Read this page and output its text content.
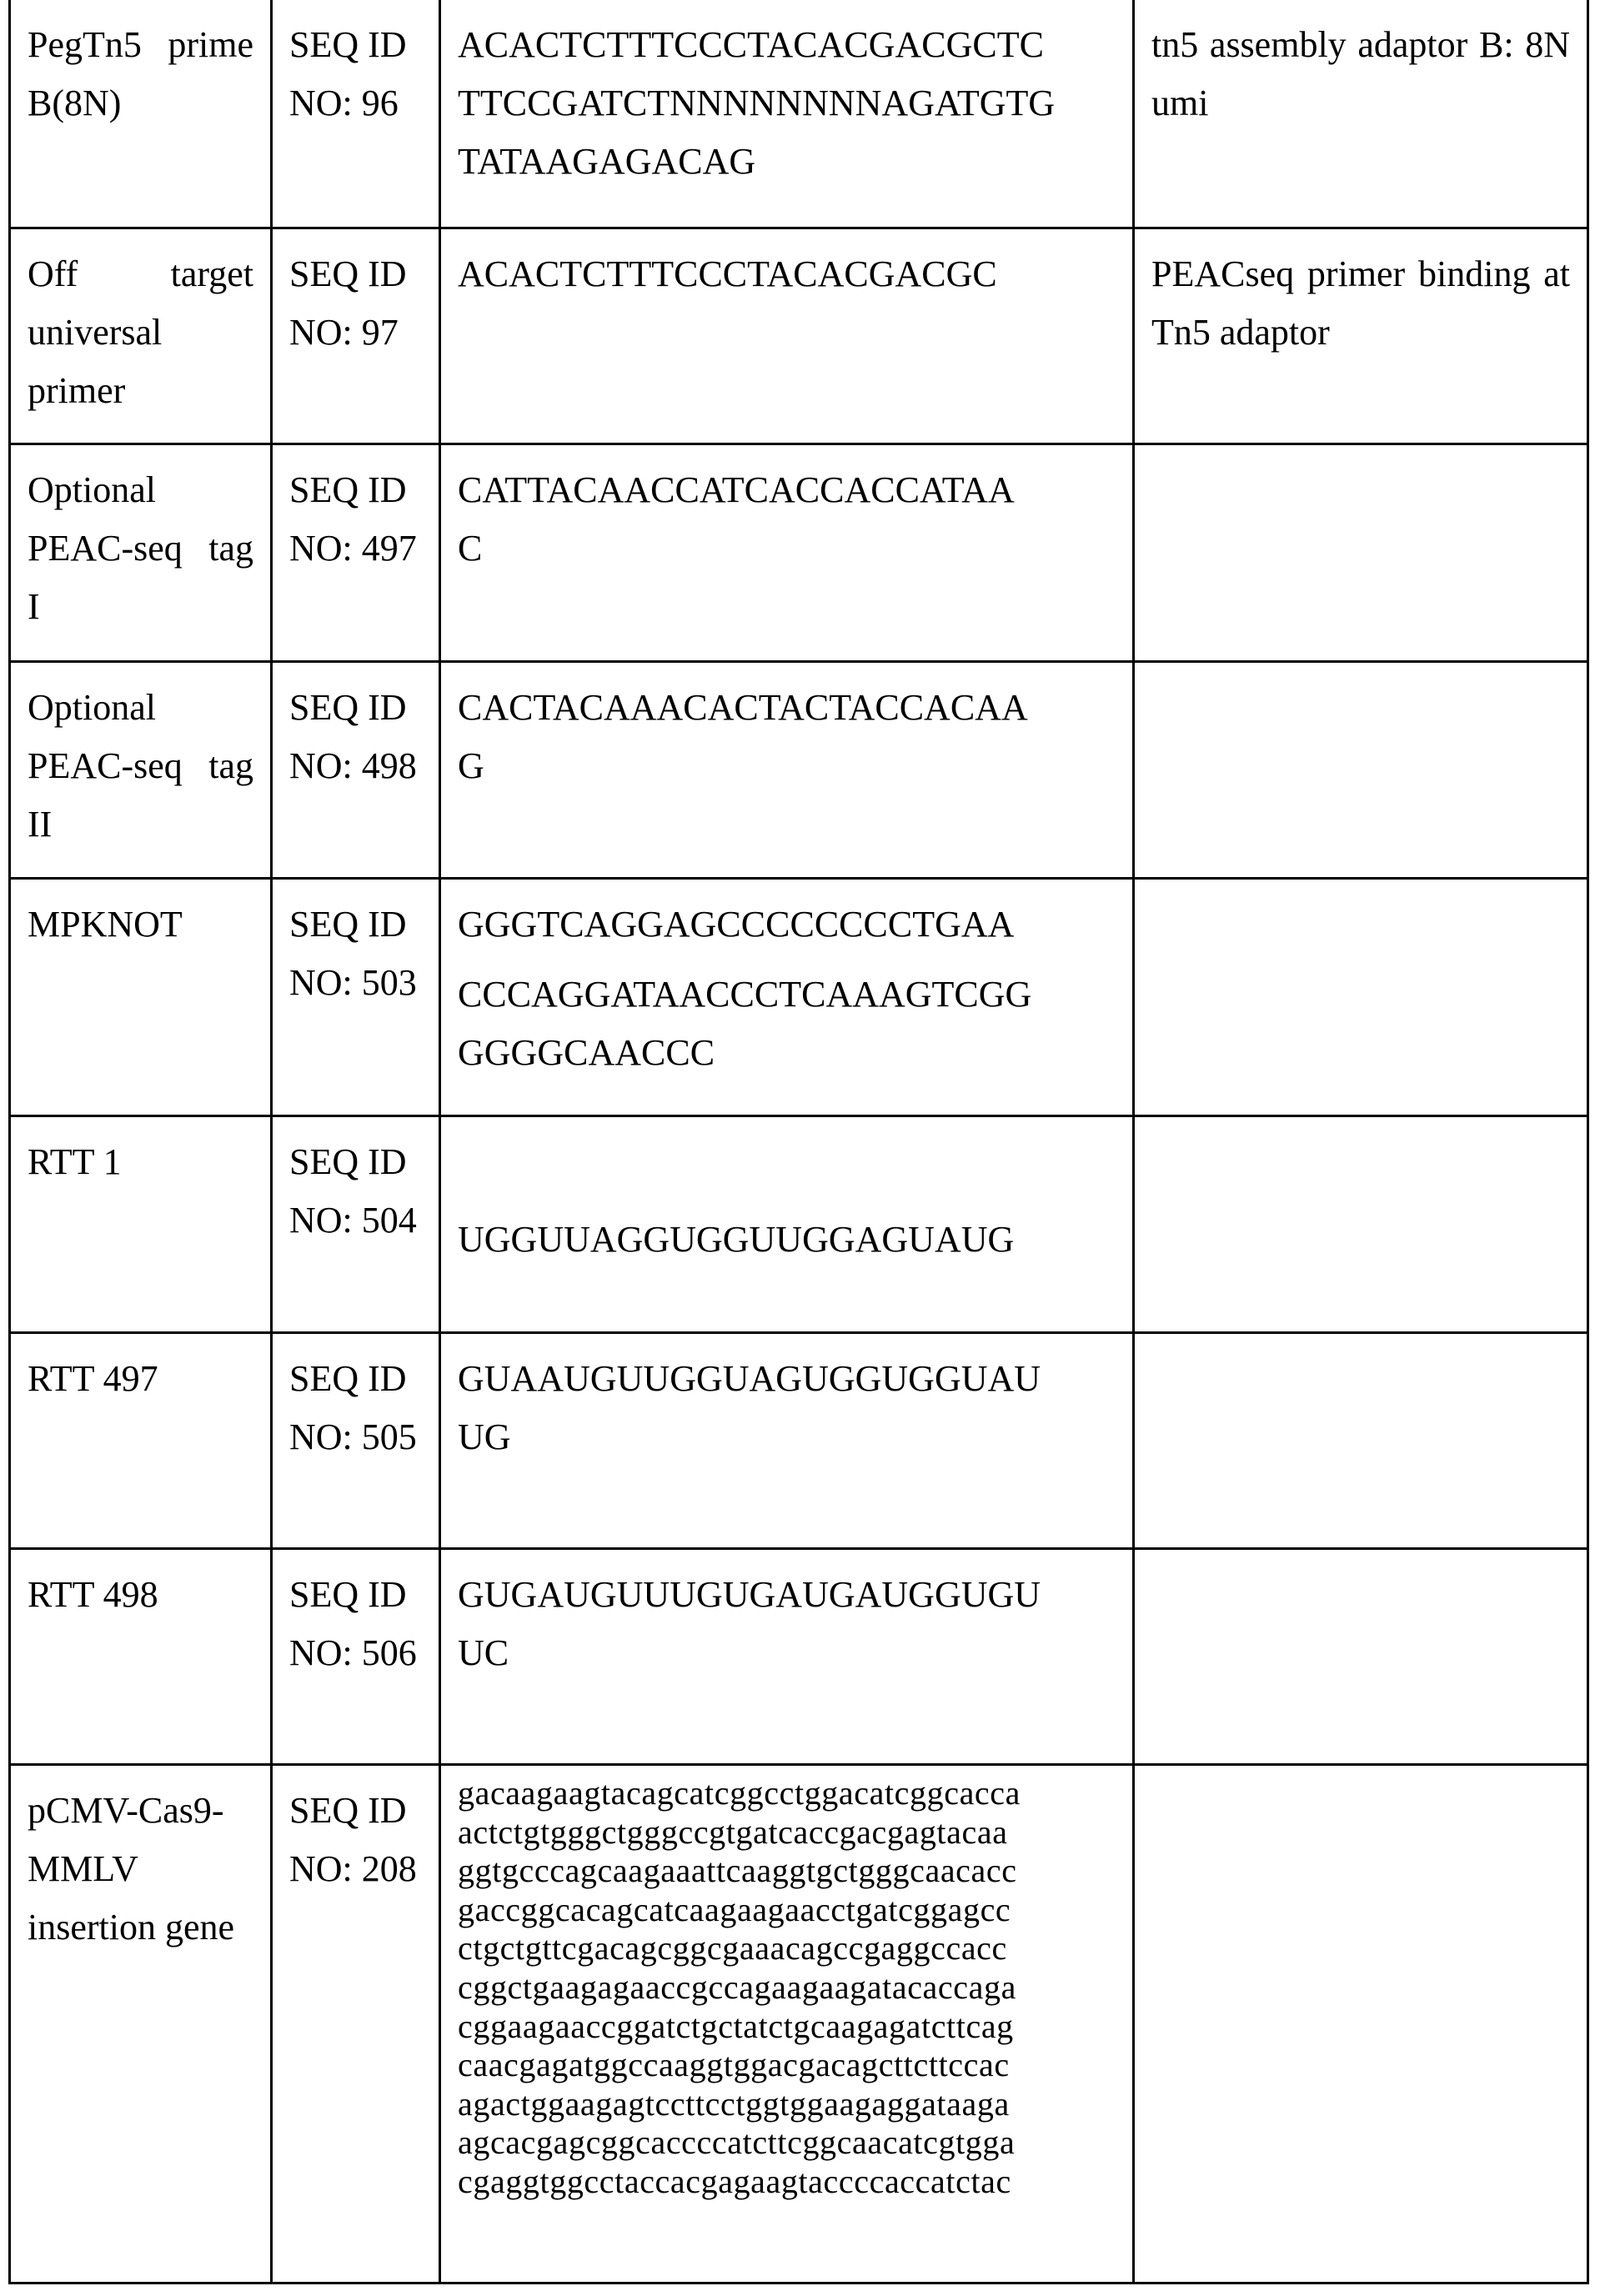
PegTn5 prime B(8N)	SEQ ID NO: 96	

ACACTCTTTCCCTACACGACGCTC
TTCCGATCTNNNNNNNNAGATGTG
TATAAGAGACAG

	tn5 assembly adaptor B: 8N umi
Off target universal primer	SEQ ID NO: 97	

ACACTCTTTCCCTACACGACGC	PEACseq primer binding at Tn5 adaptor
Optional PEAC-seq tag I	SEQ ID NO: 497	

CATTACAACCATCACCACCATAA
C

Optional PEAC-seq tag II	SEQ ID NO: 498	

CACTACAAACACTACTACCACAA
G

MPKNOT	SEQ ID NO: 503	

GGGTCAGGAGCCCCCCCCTGAA

CCCAGGATAACCCTCAAAGTCGG
GGGGCAACCC

RTT 1	SEQ ID NO: 504	UGGUUAGGUGGUUGGAGUAUG

RTT 497	SEQ ID NO: 505	

GUAAUGUUGGUAGUGGUGGUAU
UG

RTT 498	SEQ ID NO: 506	

GUGAUGUUUGUGAUGAUGGUGU
UC

pCMV-Cas9-MMLV insertion gene	SEQ ID NO: 208	

gacaagaagtacagcatcggcctggacatcggcacca
actctgtgggctgggccgtgatcaccgacgagtacaa
ggtgcccagcaagaaattcaaggtgctgggcaacacc
gaccggcacagcatcaagaagaacctgatcggagcc
ctgctgttcgacagcggcgaaacagccgaggccacc
cggctgaagagaaccgccagaagaagatacaccaga
cggaagaaccggatctgctatctgcaagagatcttcag
caacgagatggccaaggtggacgacagcttcttccac
agactggaagagtccttcctggtggaagaggataaga
agcacgagcggcaccccatcttcggcaacatcgtgga
cgaggtggcctaccacgagaagtaccccaccatctac
